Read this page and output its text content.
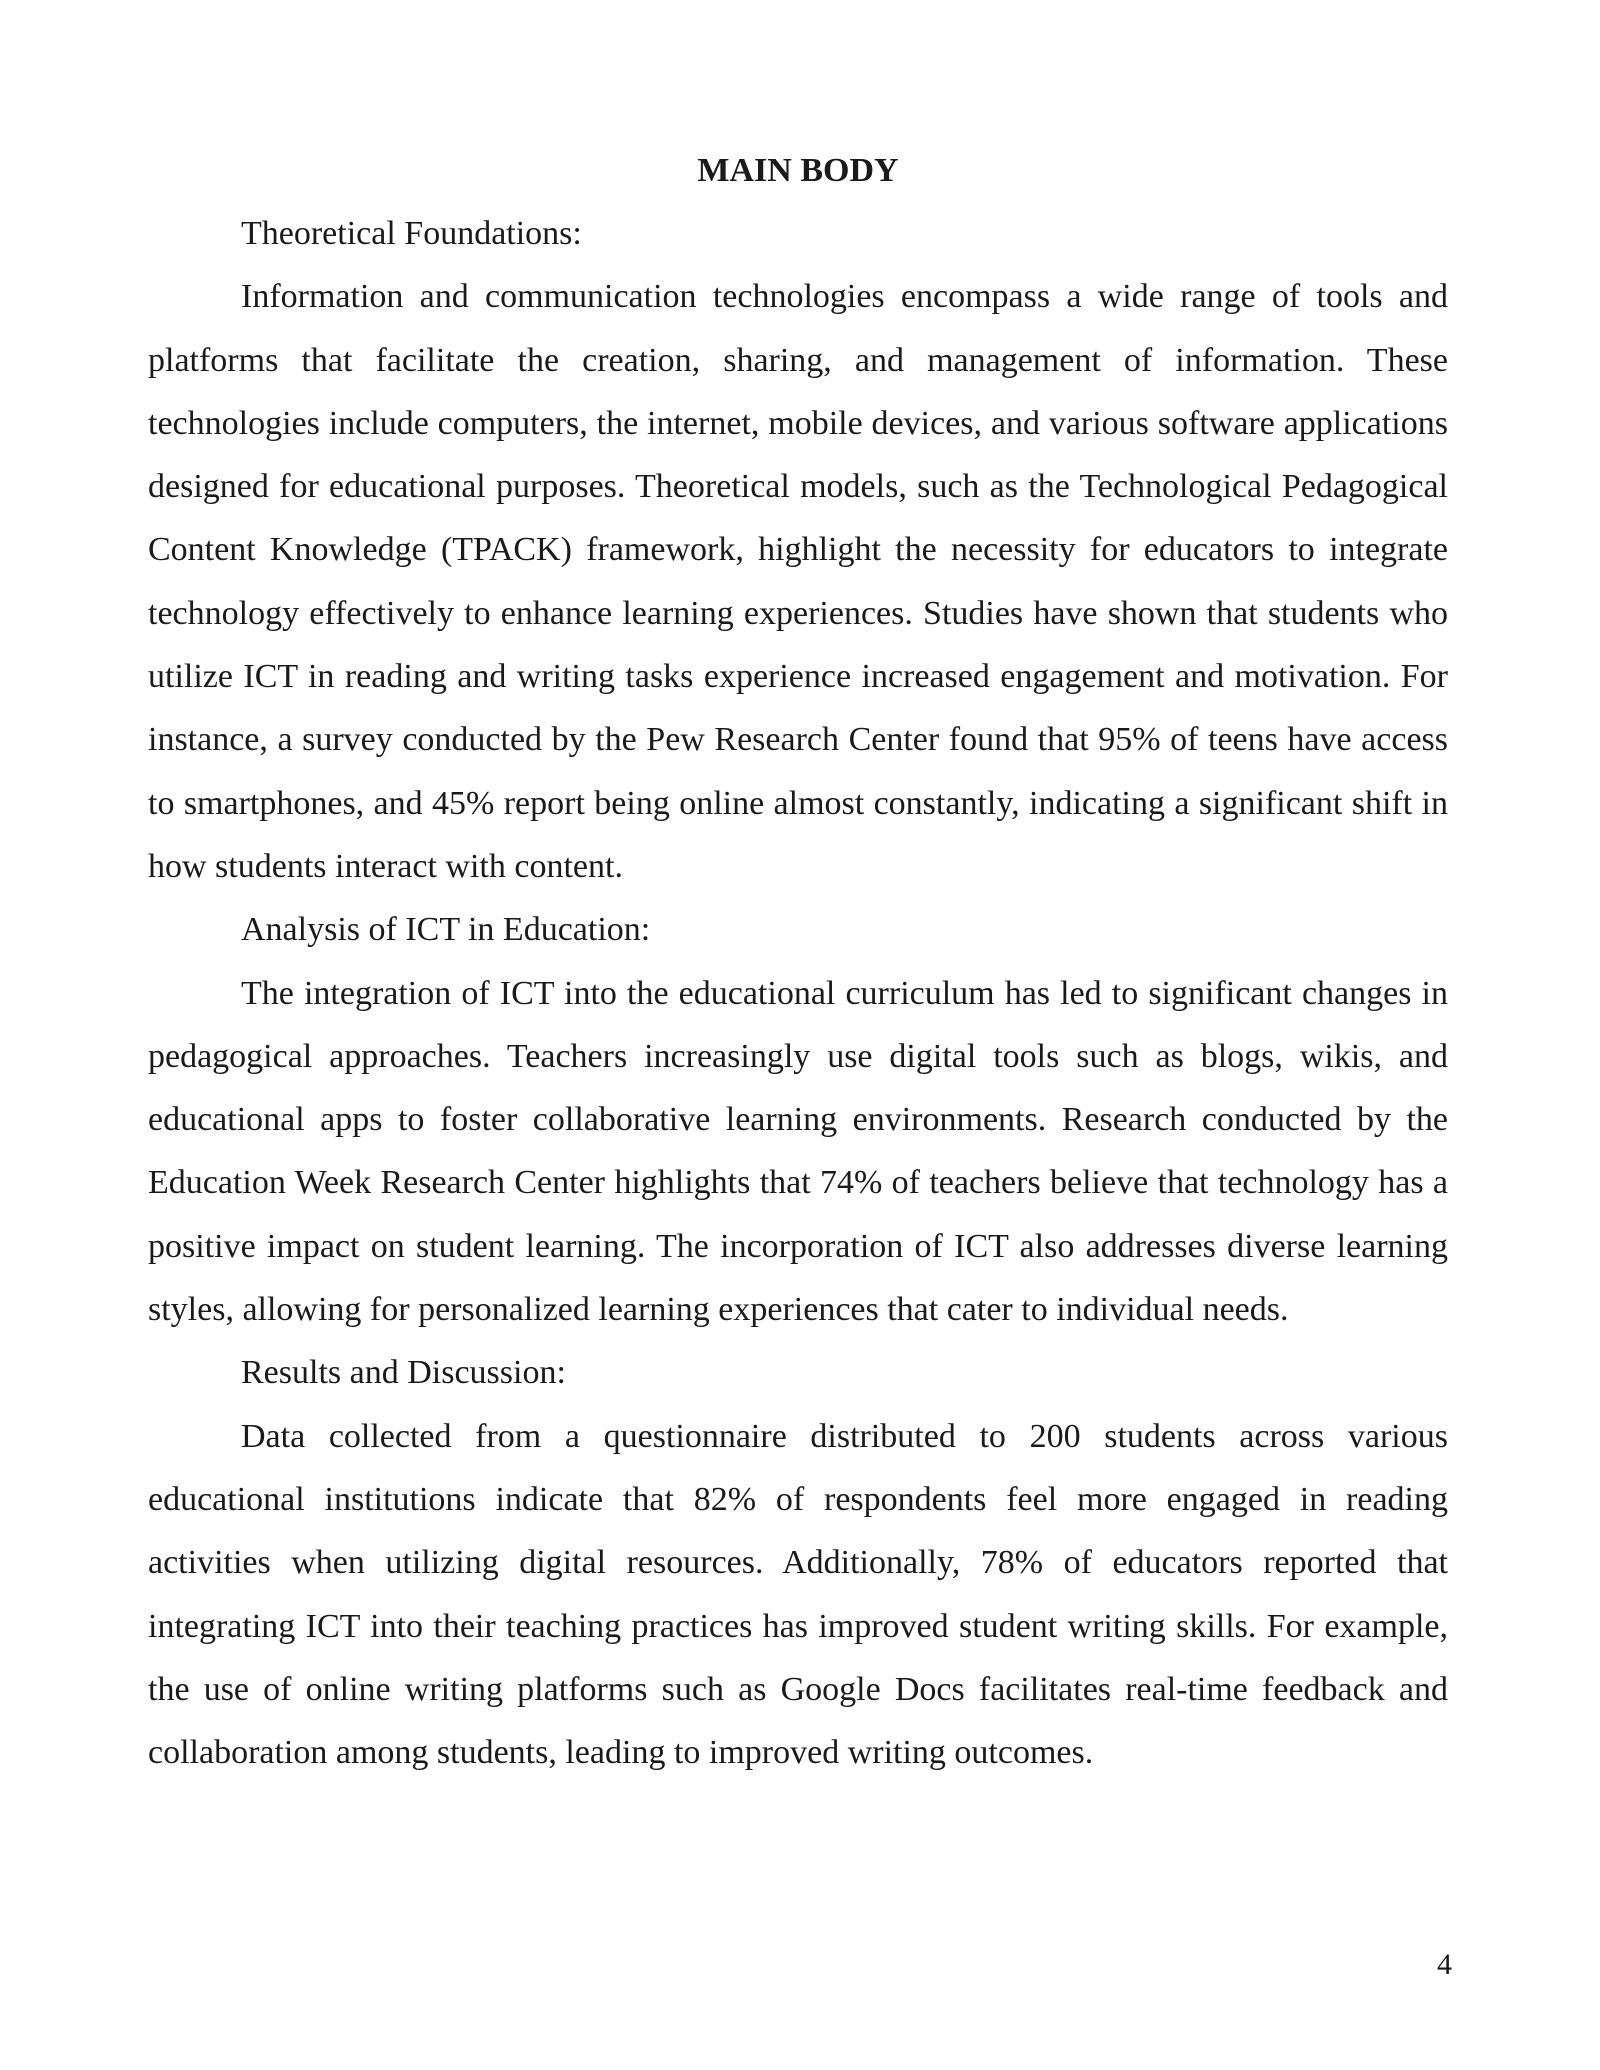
MAIN BODY

Theoretical Foundations:

Information and communication technologies encompass a wide range of tools and platforms that facilitate the creation, sharing, and management of information. These technologies include computers, the internet, mobile devices, and various software applications designed for educational purposes. Theoretical models, such as the Technological Pedagogical Content Knowledge (TPACK) framework, highlight the necessity for educators to integrate technology effectively to enhance learning experiences. Studies have shown that students who utilize ICT in reading and writing tasks experience increased engagement and motivation. For instance, a survey conducted by the Pew Research Center found that 95% of teens have access to smartphones, and 45% report being online almost constantly, indicating a significant shift in how students interact with content.

Analysis of ICT in Education:

The integration of ICT into the educational curriculum has led to significant changes in pedagogical approaches. Teachers increasingly use digital tools such as blogs, wikis, and educational apps to foster collaborative learning environments. Research conducted by the Education Week Research Center highlights that 74% of teachers believe that technology has a positive impact on student learning. The incorporation of ICT also addresses diverse learning styles, allowing for personalized learning experiences that cater to individual needs.

Results and Discussion:

Data collected from a questionnaire distributed to 200 students across various educational institutions indicate that 82% of respondents feel more engaged in reading activities when utilizing digital resources. Additionally, 78% of educators reported that integrating ICT into their teaching practices has improved student writing skills. For example, the use of online writing platforms such as Google Docs facilitates real-time feedback and collaboration among students, leading to improved writing outcomes.

4
